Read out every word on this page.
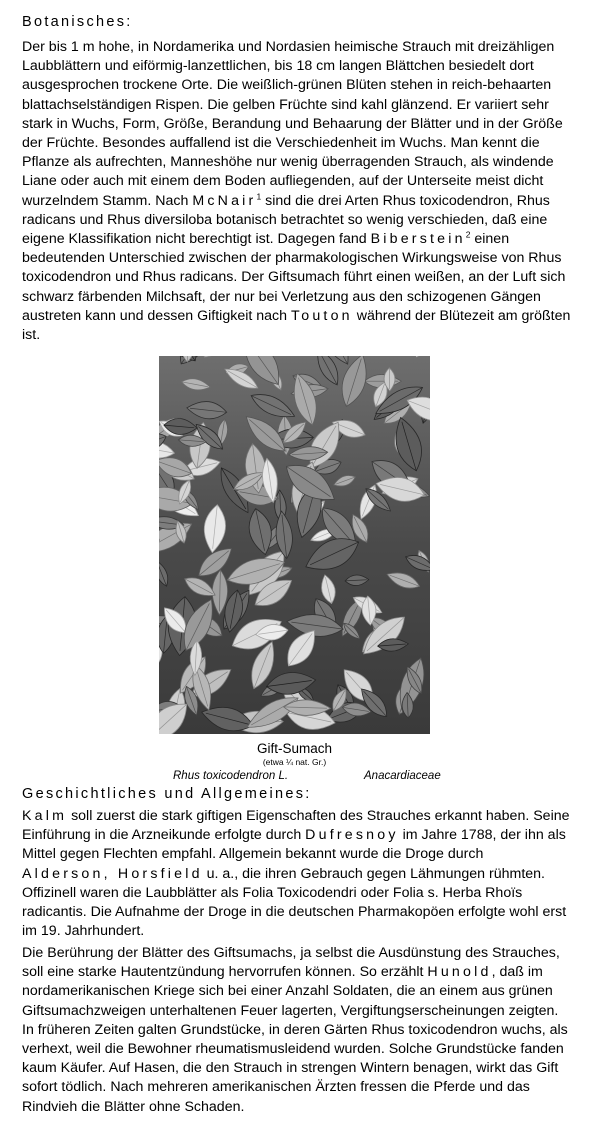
Botanisches:

Der bis 1 m hohe, in Nordamerika und Nordasien heimische Strauch mit dreizähligen Laubblättern und eiförmig-lanzettlichen, bis 18 cm langen Blättchen besiedelt dort ausgesprochen trockene Orte. Die weißlich-grünen Blüten stehen in reich-behaarten blattachselständigen Rispen. Die gelben Früchte sind kahl glänzend. Er variiert sehr stark in Wuchs, Form, Größe, Berandung und Behaarung der Blätter und in der Größe der Früchte. Besondes auffallend ist die Verschiedenheit im Wuchs. Man kennt die Pflanze als aufrechten, Manneshöhe nur wenig überragenden Strauch, als windende Liane oder auch mit einem dem Boden aufliegenden, auf der Unterseite meist dicht wurzelndem Stamm. Nach McNair$^1$ sind die drei Arten Rhus toxicodendron, Rhus radicans und Rhus diversiloba botanisch betrachtet so wenig verschieden, daß eine eigene Klassifikation nicht berechtigt ist. Dagegen fand Biberstein$^2$ einen bedeutenden Unterschied zwischen der pharmakologischen Wirkungsweise von Rhus toxicodendron und Rhus radicans. Der Giftsumach führt einen weißen, an der Luft sich schwarz färbenden Milchsaft, der nur bei Verletzung aus den schizogenen Gängen austreten kann und dessen Giftigkeit nach Touton während der Blütezeit am größten ist.

Gift-Sumach

(etwa ¼ nat. Gr.)

Rhus toxicodendron L.	Anacardiaceae

Geschichtliches und Allgemeines:

Kalm soll zuerst die stark giftigen Eigenschaften des Strauches erkannt haben. Seine Einführung in die Arzneikunde erfolgte durch Dufresnoy im Jahre 1788, der ihn als Mittel gegen Flechten empfahl. Allgemein bekannt wurde die Droge durch Alderson, Horsfield u. a., die ihren Gebrauch gegen Lähmungen rühmten. Offizinell waren die Laubblätter als Folia Toxicodendri oder Folia s. Herba Rhoïs radicantis. Die Aufnahme der Droge in die deutschen Pharmakopöen erfolgte wohl erst im 19. Jahrhundert.

Die Berührung der Blätter des Giftsumachs, ja selbst die Ausdünstung des Strauches, soll eine starke Hautentzündung hervorrufen können. So erzählt Hunold, daß im nordamerikanischen Kriege sich bei einer Anzahl Soldaten, die an einem aus grünen Giftsumachzweigen unterhaltenen Feuer lagerten, Vergiftungserscheinungen zeigten. In früheren Zeiten galten Grundstücke, in deren Gärten Rhus toxicodendron wuchs, als verhext, weil die Bewohner rheumatismusleidend wurden. Solche Grundstücke fanden kaum Käufer. Auf Hasen, die den Strauch in strengen Wintern benagen, wirkt das Gift sofort tödlich. Nach mehreren amerikanischen Ärzten fressen die Pferde und das Rindvieh die Blätter ohne Schaden.
